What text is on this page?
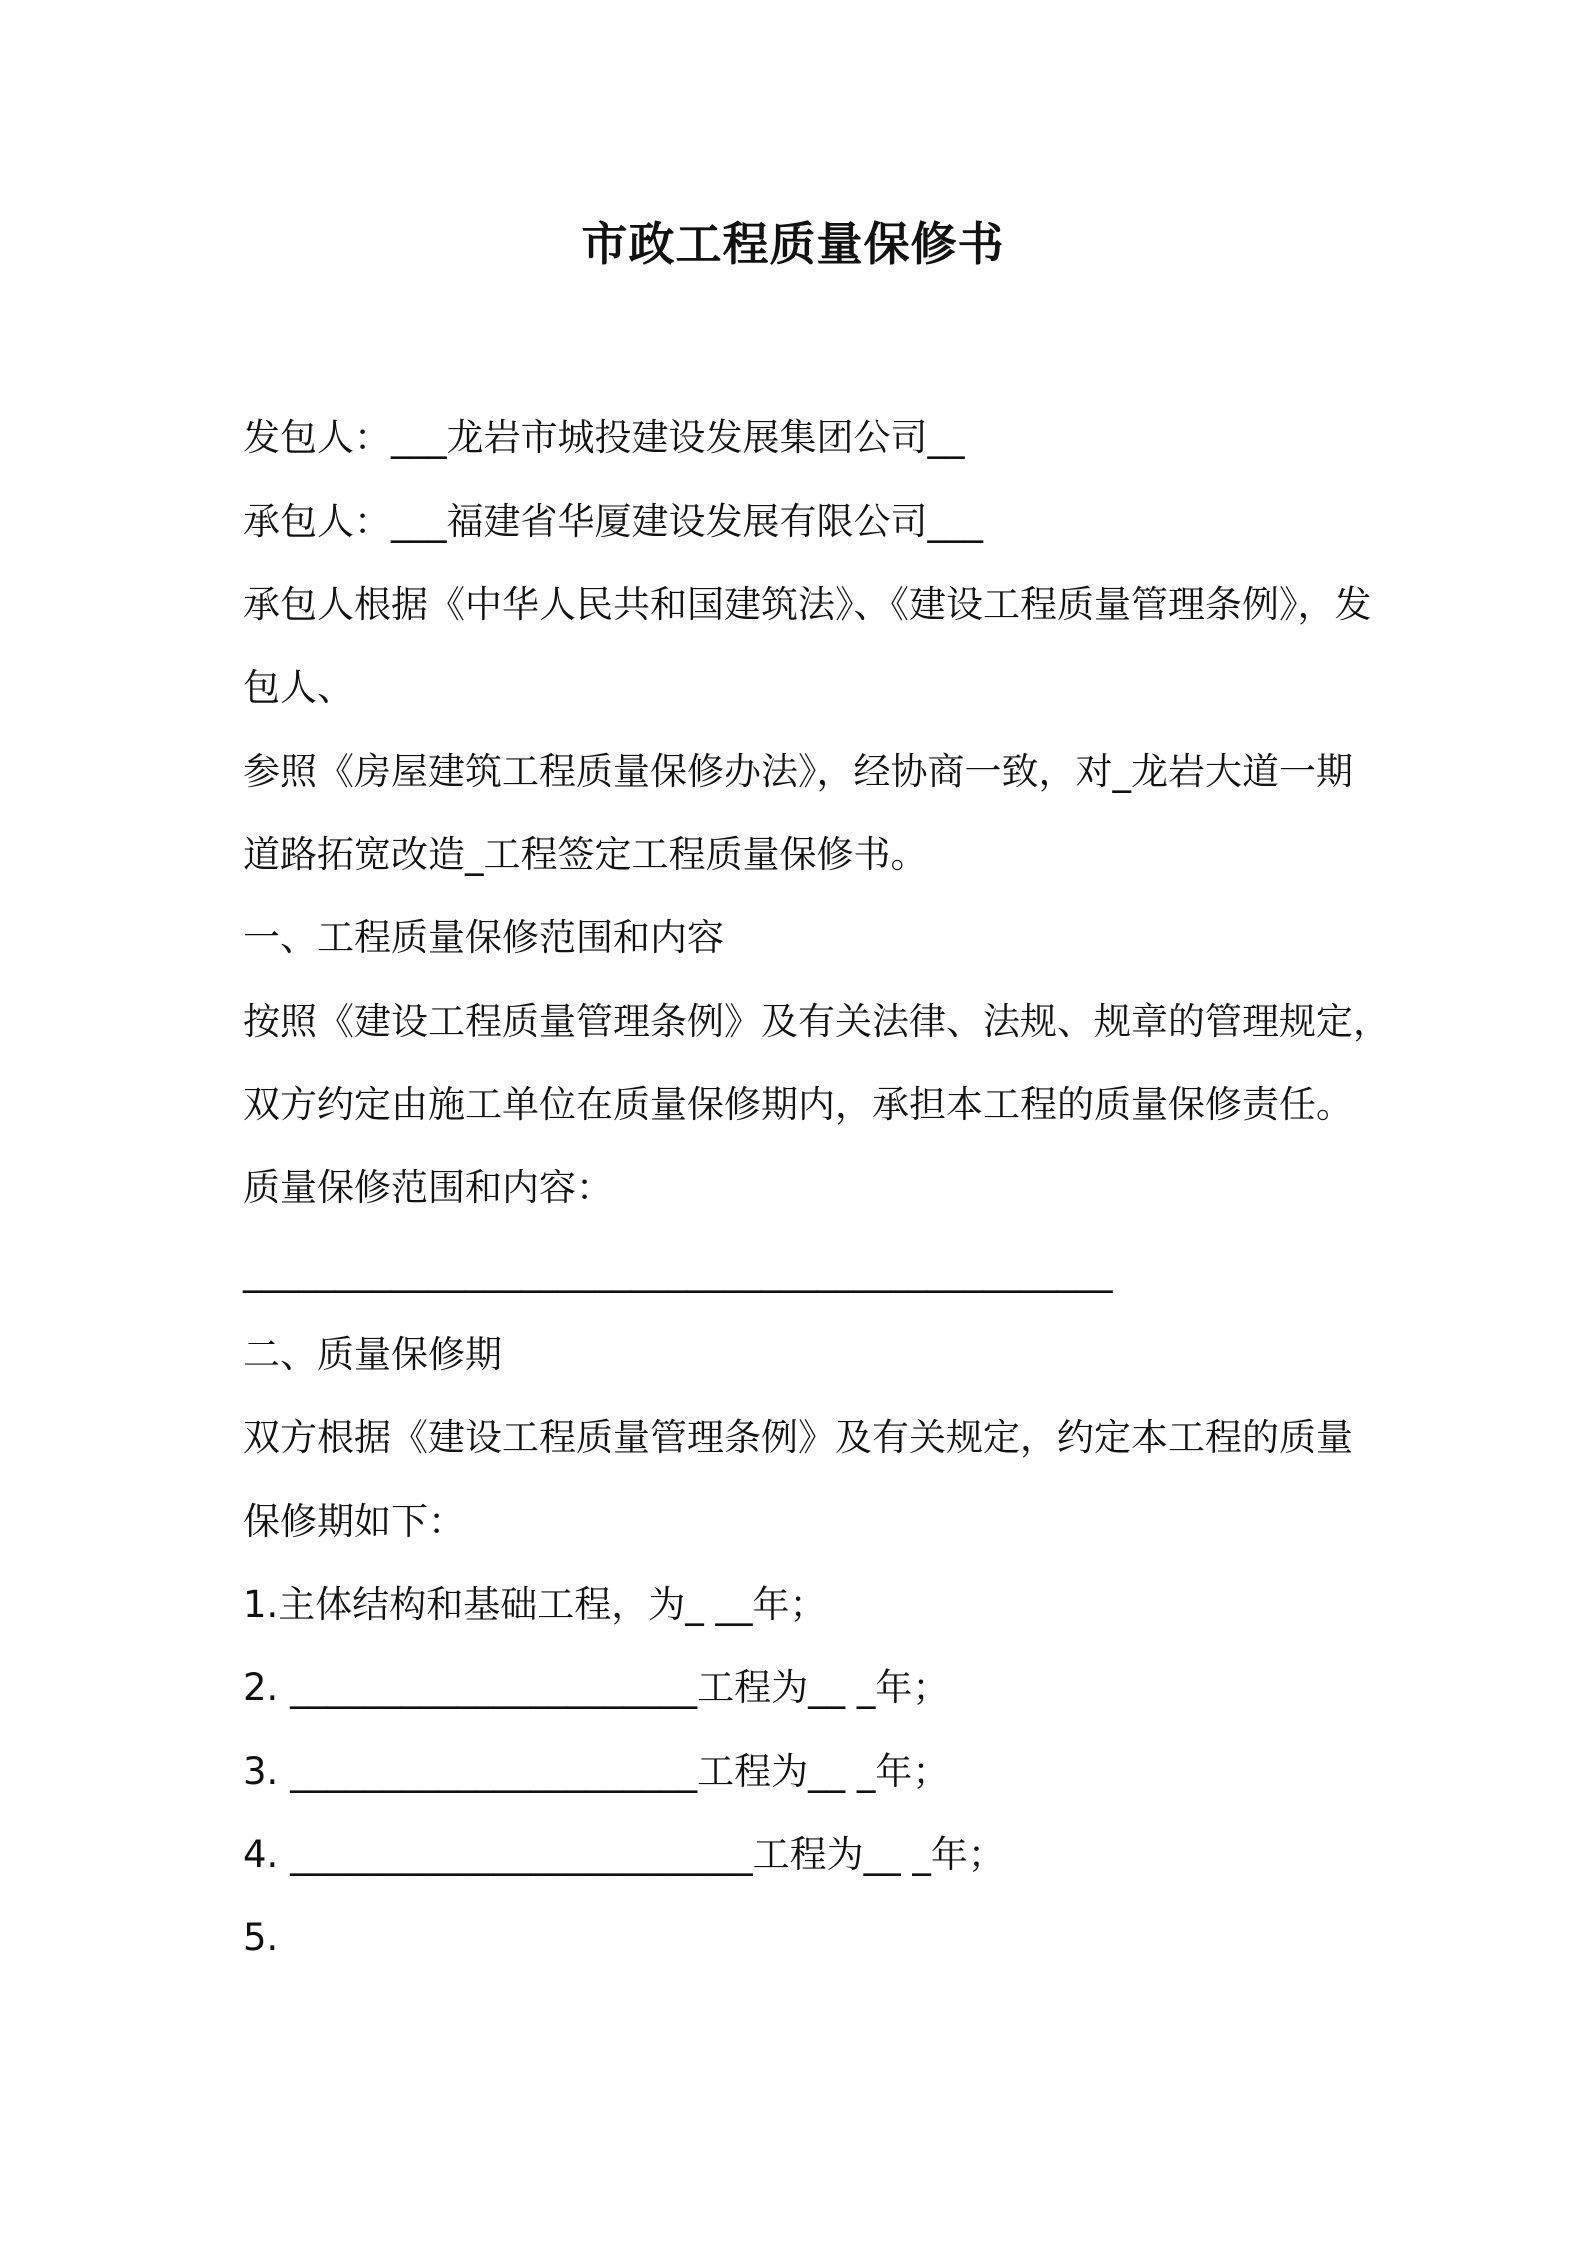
市政工程质量保修书
发包人：___龙岩市城投建设发展集团公司__
承包人：___福建省华厦建设发展有限公司___
承包人根据《中华人民共和国建筑法》、《建设工程质量管理条例》，发
包人、
参照《房屋建筑工程质量保修办法》，经协商一致，对_龙岩大道一期
道路拓宽改造_工程签定工程质量保修书。
一、工程质量保修范围和内容
按照《建设工程质量管理条例》及有关法律、法规、规章的管理规定，
双方约定由施工单位在质量保修期内，承担本工程的质量保修责任。
质量保修范围和内容：
_______________________________________________
二、质量保修期
双方根据《建设工程质量管理条例》及有关规定，约定本工程的质量
保修期如下：
1.主体结构和基础工程，为_ __年；
2. ______________________工程为__ _年；
3. ______________________工程为__ _年；
4. _________________________工程为__ _年；
5.
